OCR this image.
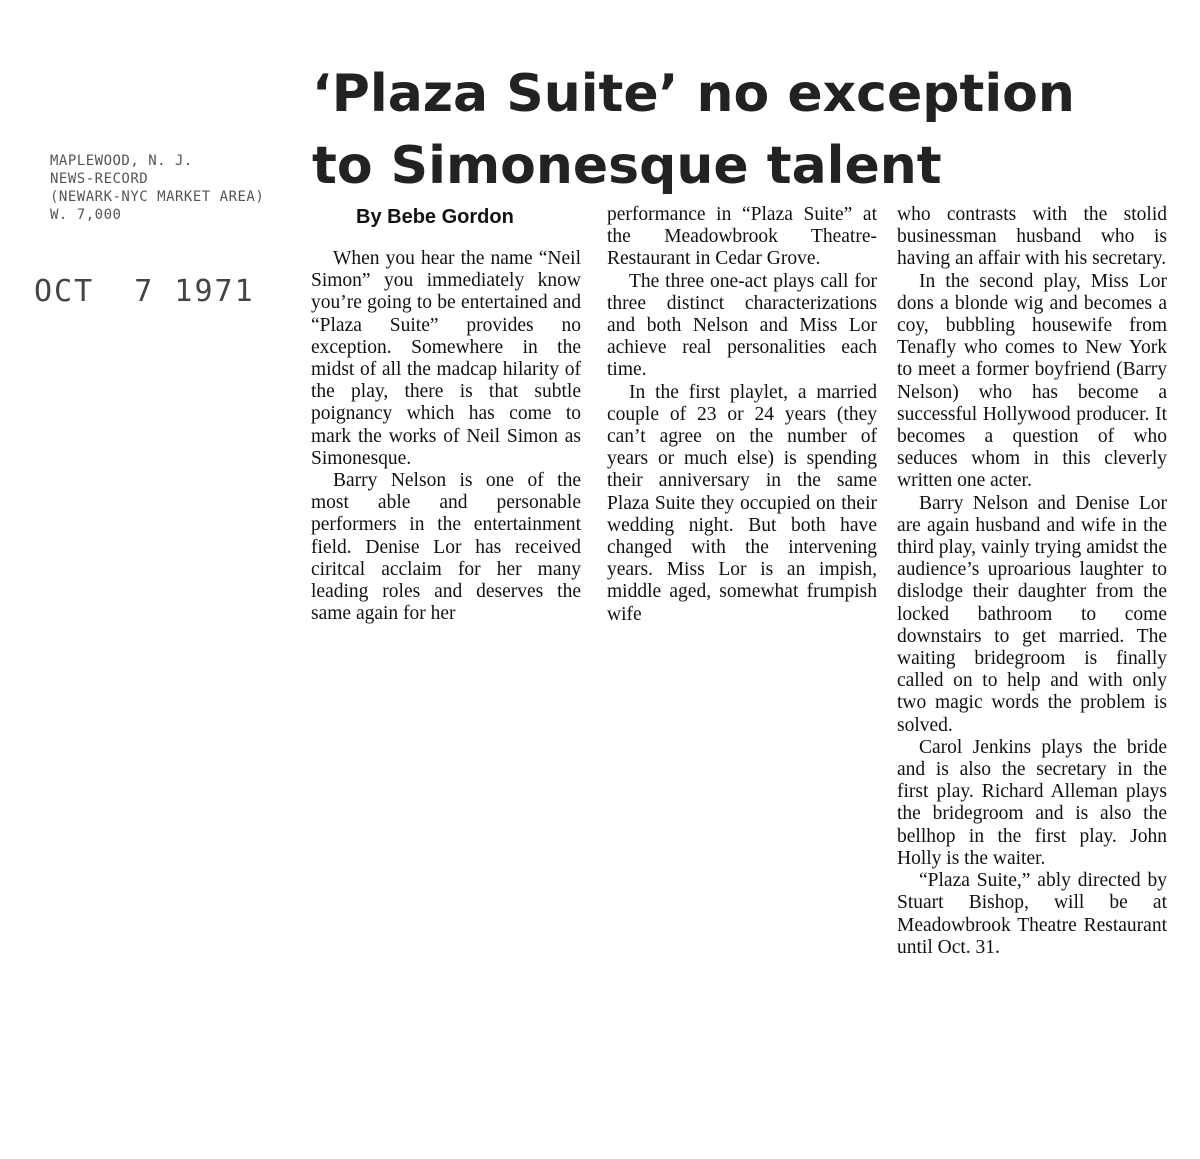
MAPLEWOOD, N. J.
NEWS-RECORD
(NEWARK-NYC MARKET AREA)
W. 7,000
OCT  7 1971
‘Plaza Suite’ no exception
to Simonesque talent
By Bebe Gordon

When you hear the name “Neil Simon” you immediately know you’re going to be entertained and “Plaza Suite” provides no exception. Somewhere in the midst of all the madcap hilarity of the play, there is that subtle poignancy which has come to mark the works of Neil Simon as Simonesque.

Barry Nelson is one of the most able and personable performers in the entertainment field. Denise Lor has received ciritcal acclaim for her many leading roles and deserves the same again for her

performance in “Plaza Suite” at the Meadowbrook Theatre-Restaurant in Cedar Grove.

The three one-act plays call for three distinct characterizations and both Nelson and Miss Lor achieve real personalities each time.

In the first playlet, a married couple of 23 or 24 years (they can’t agree on the number of years or much else) is spending their anniversary in the same Plaza Suite they occupied on their wedding night. But both have changed with the intervening years. Miss Lor is an impish, middle aged, somewhat frumpish wife

who contrasts with the stolid businessman husband who is having an affair with his secretary.

In the second play, Miss Lor dons a blonde wig and becomes a coy, bubbling housewife from Tenafly who comes to New York to meet a former boyfriend (Barry Nelson) who has become a successful Hollywood producer. It becomes a question of who seduces whom in this cleverly written one acter.

Barry Nelson and Denise Lor are again husband and wife in the third play, vainly trying amidst the audience’s uproarious laughter to dislodge their daughter from the locked bathroom to come downstairs to get married. The waiting bridegroom is finally called on to help and with only two magic words the problem is solved.

Carol Jenkins plays the bride and is also the secretary in the first play. Richard Alleman plays the bridegroom and is also the bellhop in the first play. John Holly is the waiter.

“Plaza Suite,” ably directed by Stuart Bishop, will be at Meadowbrook Theatre Restaurant until Oct. 31.
